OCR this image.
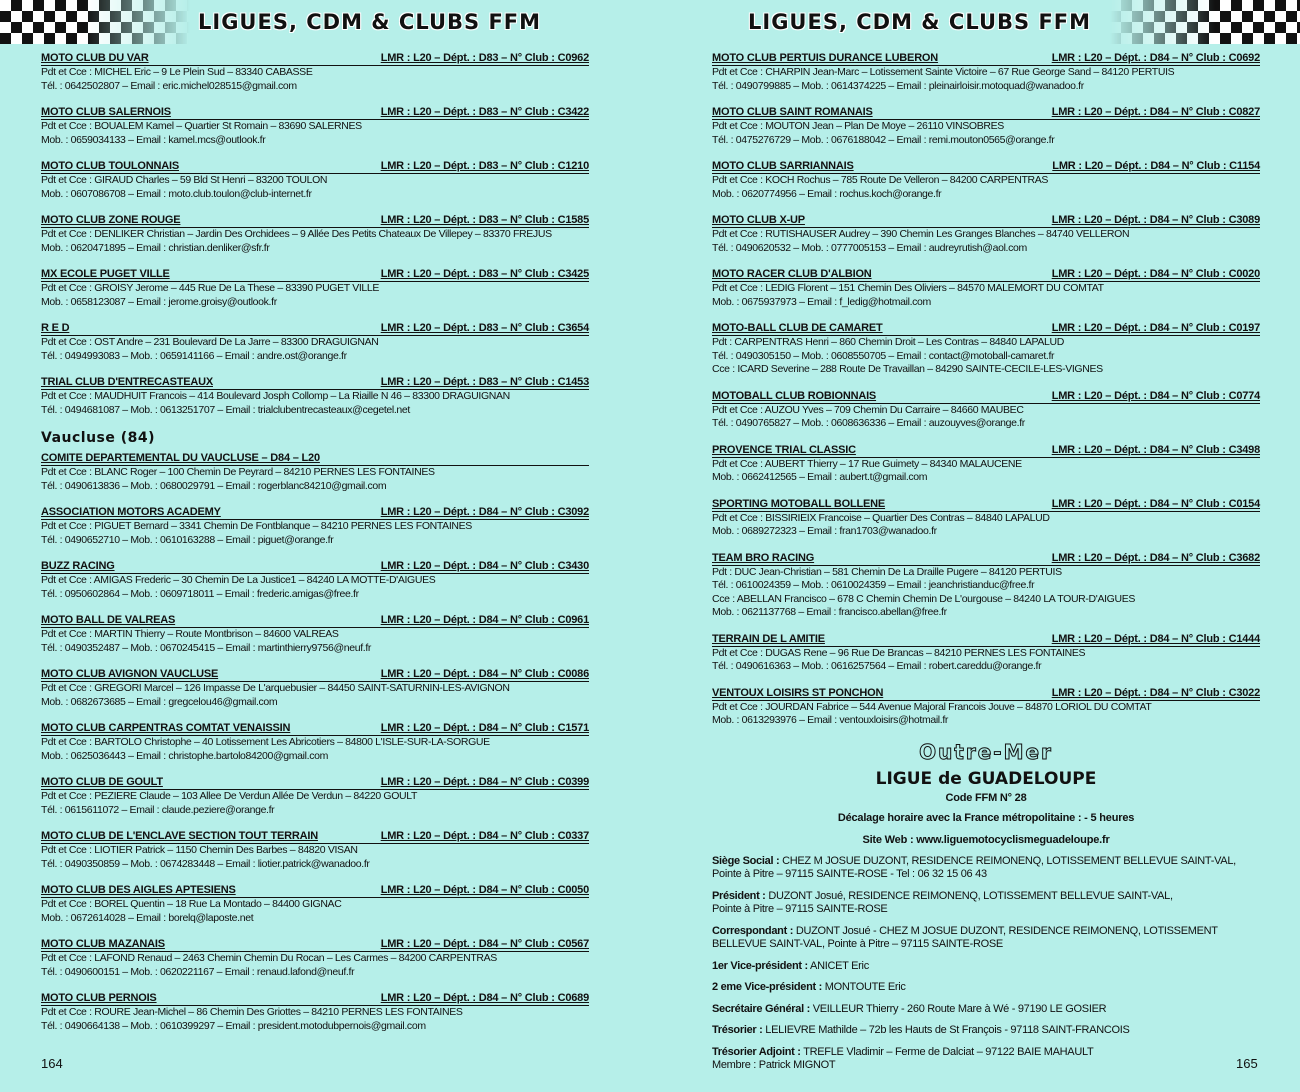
LIGUES, CDM & CLUBS FFM
MOTO CLUB DU VAR	LMR : L20 – Dépt. : D83 – N° Club : C0962
Pdt et Cce : MICHEL Eric – 9 Le Plein Sud – 83340 CABASSE
Tél. : 0642502807 – Email : eric.michel028515@gmail.com
MOTO CLUB SALERNOIS	LMR : L20 – Dépt. : D83 – N° Club : C3422
Pdt et Cce : BOUALEM Kamel – Quartier St Romain – 83690 SALERNES
Mob. : 0659034133 – Email : kamel.mcs@outlook.fr
MOTO CLUB TOULONNAIS	LMR : L20 – Dépt. : D83 – N° Club : C1210
Pdt et Cce : GIRAUD Charles – 59 Bld St Henri – 83200 TOULON
Mob. : 0607086708 – Email : moto.club.toulon@club-internet.fr
MOTO CLUB ZONE ROUGE	LMR : L20 – Dépt. : D83 – N° Club : C1585
Pdt et Cce : DENLIKER Christian – Jardin Des Orchidees – 9 Allée Des Petits Chateaux De Villepey – 83370 FREJUS
Mob. : 0620471895 – Email : christian.denliker@sfr.fr
MX ECOLE PUGET VILLE	LMR : L20 – Dépt. : D83 – N° Club : C3425
Pdt et Cce : GROISY Jerome – 445 Rue De La These – 83390 PUGET VILLE
Mob. : 0658123087 – Email : jerome.groisy@outlook.fr
R E D	LMR : L20 – Dépt. : D83 – N° Club : C3654
Pdt et Cce : OST Andre – 231 Boulevard De La Jarre – 83300 DRAGUIGNAN
Tél. : 0494993083 – Mob. : 0659141166 – Email : andre.ost@orange.fr
TRIAL CLUB D'ENTRECASTEAUX	LMR : L20 – Dépt. : D83 – N° Club : C1453
Pdt et Cce : MAUDHUIT Francois – 414 Boulevard Josph Collomp – La Riaille N 46 – 83300 DRAGUIGNAN
Tél. : 0494681087 – Mob. : 0613251707 – Email : trialclubentrecasteaux@cegetel.net
Vaucluse (84)
COMITE DEPARTEMENTAL DU VAUCLUSE – D84 – L20
Pdt et Cce : BLANC Roger – 100 Chemin De Peyrard – 84210 PERNES LES FONTAINES
Tél. : 0490613836 – Mob. : 0680029791 – Email : rogerblanc84210@gmail.com
ASSOCIATION MOTORS ACADEMY	LMR : L20 – Dépt. : D84 – N° Club : C3092
Pdt et Cce : PIGUET Bernard – 3341 Chemin De Fontblanque – 84210 PERNES LES FONTAINES
Tél. : 0490652710 – Mob. : 0610163288 – Email : piguet@orange.fr
BUZZ RACING	LMR : L20 – Dépt. : D84 – N° Club : C3430
Pdt et Cce : AMIGAS Frederic – 30 Chemin De La Justice1 – 84240 LA MOTTE-D'AIGUES
Tél. : 0950602864 – Mob. : 0609718011 – Email : frederic.amigas@free.fr
MOTO BALL DE VALREAS	LMR : L20 – Dépt. : D84 – N° Club : C0961
Pdt et Cce : MARTIN Thierry – Route Montbrison – 84600 VALREAS
Tél. : 0490352487 – Mob. : 0670245415 – Email : martinthierry9756@neuf.fr
MOTO CLUB AVIGNON VAUCLUSE	LMR : L20 – Dépt. : D84 – N° Club : C0086
Pdt et Cce : GREGORI Marcel – 126 Impasse De L'arquebusier – 84450 SAINT-SATURNIN-LES-AVIGNON
Mob. : 0682673685 – Email : gregcelou46@gmail.com
MOTO CLUB CARPENTRAS COMTAT VENAISSIN	LMR : L20 – Dépt. : D84 – N° Club : C1571
Pdt et Cce : BARTOLO Christophe – 40 Lotissement Les Abricotiers – 84800 L'ISLE-SUR-LA-SORGUE
Mob. : 0625036443 – Email : christophe.bartolo84200@gmail.com
MOTO CLUB DE GOULT	LMR : L20 – Dépt. : D84 – N° Club : C0399
Pdt et Cce : PEZIERE Claude – 103 Allee De Verdun Allée De Verdun – 84220 GOULT
Tél. : 0615611072 – Email : claude.peziere@orange.fr
MOTO CLUB DE L'ENCLAVE SECTION TOUT TERRAIN	LMR : L20 – Dépt. : D84 – N° Club : C0337
Pdt et Cce : LIOTIER Patrick – 1150 Chemin Des Barbes – 84820 VISAN
Tél. : 0490350859 – Mob. : 0674283448 – Email : liotier.patrick@wanadoo.fr
MOTO CLUB DES AIGLES APTESIENS	LMR : L20 – Dépt. : D84 – N° Club : C0050
Pdt et Cce : BOREL Quentin – 18 Rue La Montado – 84400 GIGNAC
Mob. : 0672614028 – Email : borelq@laposte.net
MOTO CLUB MAZANAIS	LMR : L20 – Dépt. : D84 – N° Club : C0567
Pdt et Cce : LAFOND Renaud – 2463 Chemin Chemin Du Rocan – Les Carmes – 84200 CARPENTRAS
Tél. : 0490600151 – Mob. : 0620221167 – Email : renaud.lafond@neuf.fr
MOTO CLUB PERNOIS	LMR : L20 – Dépt. : D84 – N° Club : C0689
Pdt et Cce : ROURE Jean-Michel – 86 Chemin Des Griottes – 84210 PERNES LES FONTAINES
Tél. : 0490664138 – Mob. : 0610399297 – Email : president.motodubpernois@gmail.com
164
LIGUES, CDM & CLUBS FFM
MOTO CLUB PERTUIS DURANCE LUBERON	LMR : L20 – Dépt. : D84 – N° Club : C0692
Pdt et Cce : CHARPIN Jean-Marc – Lotissement Sainte Victoire – 67 Rue George Sand – 84120 PERTUIS
Tél. : 0490799885 – Mob. : 0614374225 – Email : pleinairloisir.motoquad@wanadoo.fr
MOTO CLUB SAINT ROMANAIS	LMR : L20 – Dépt. : D84 – N° Club : C0827
Pdt et Cce : MOUTON Jean – Plan De Moye – 26110 VINSOBRES
Tél. : 0475276729 – Mob. : 0676188042 – Email : remi.mouton0565@orange.fr
MOTO CLUB SARRIANNAIS	LMR : L20 – Dépt. : D84 – N° Club : C1154
Pdt et Cce : KOCH Rochus – 785 Route De Velleron – 84200 CARPENTRAS
Mob. : 0620774956 – Email : rochus.koch@orange.fr
MOTO CLUB X-UP	LMR : L20 – Dépt. : D84 – N° Club : C3089
Pdt et Cce : RUTISHAUSER Audrey – 390 Chemin Les Granges Blanches – 84740 VELLERON
Tél. : 0490620532 – Mob. : 0777005153 – Email : audreyrutish@aol.com
MOTO RACER CLUB D'ALBION	LMR : L20 – Dépt. : D84 – N° Club : C0020
Pdt et Cce : LEDIG Florent – 151 Chemin Des Oliviers – 84570 MALEMORT DU COMTAT
Mob. : 0675937973 – Email : f_ledig@hotmail.com
MOTO-BALL CLUB DE CAMARET	LMR : L20 – Dépt. : D84 – N° Club : C0197
Pdt : CARPENTRAS Henri – 860 Chemin Droit – Les Contras – 84840 LAPALUD
Tél. : 0490305150 – Mob. : 0608550705 – Email : contact@motoball-camaret.fr
Cce : ICARD Severine – 288 Route De Travaillan – 84290 SAINTE-CECILE-LES-VIGNES
MOTOBALL CLUB ROBIONNAIS	LMR : L20 – Dépt. : D84 – N° Club : C0774
Pdt et Cce : AUZOU Yves – 709 Chemin Du Carraire – 84660 MAUBEC
Tél. : 0490765827 – Mob. : 0608636336 – Email : auzouyves@orange.fr
PROVENCE TRIAL CLASSIC	LMR : L20 – Dépt. : D84 – N° Club : C3498
Pdt et Cce : AUBERT Thierry – 17 Rue Guimety – 84340 MALAUCENE
Mob. : 0662412565 – Email : aubert.t@gmail.com
SPORTING MOTOBALL BOLLENE	LMR : L20 – Dépt. : D84 – N° Club : C0154
Pdt et Cce : BISSIRIEIX Francoise – Quartier Des Contras – 84840 LAPALUD
Mob. : 0689272323 – Email : fran1703@wanadoo.fr
TEAM BRO RACING	LMR : L20 – Dépt. : D84 – N° Club : C3682
Pdt : DUC Jean-Christian – 581 Chemin De La Draille Pugere – 84120 PERTUIS
Tél. : 0610024359 – Mob. : 0610024359 – Email : jeanchristianduc@free.fr
Cce : ABELLAN Francisco – 678 C Chemin Chemin De L'ourgouse – 84240 LA TOUR-D'AIGUES
Mob. : 0621137768 – Email : francisco.abellan@free.fr
TERRAIN DE L AMITIE	LMR : L20 – Dépt. : D84 – N° Club : C1444
Pdt et Cce : DUGAS Rene – 96 Rue De Brancas – 84210 PERNES LES FONTAINES
Tél. : 0490616363 – Mob. : 0616257564 – Email : robert.careddu@orange.fr
VENTOUX LOISIRS ST PONCHON	LMR : L20 – Dépt. : D84 – N° Club : C3022
Pdt et Cce : JOURDAN Fabrice – 544 Avenue Majoral Francois Jouve – 84870 LORIOL DU COMTAT
Mob. : 0613293976 – Email : ventouxloisirs@hotmail.fr
Outre-Mer
LIGUE de GUADELOUPE
Code FFM N° 28
Décalage horaire avec la France métropolitaine : - 5 heures
Site Web : www.liguemotocyclismeguadeloupe.fr
Siège Social : CHEZ M JOSUE DUZONT, RESIDENCE REIMONENQ, LOTISSEMENT BELLEVUE SAINT-VAL,
Pointe à Pitre – 97115 SAINTE-ROSE - Tel : 06 32 15 06 43
Président : DUZONT Josué, RESIDENCE REIMONENQ, LOTISSEMENT BELLEVUE SAINT-VAL,
Pointe à Pitre – 97115 SAINTE-ROSE
Correspondant : DUZONT Josué - CHEZ M JOSUE DUZONT, RESIDENCE REIMONENQ, LOTISSEMENT
BELLEVUE SAINT-VAL, Pointe à Pitre – 97115 SAINTE-ROSE
1er Vice-président : ANICET Eric
2 eme Vice-président : MONTOUTE Eric
Secrétaire Général : VEILLEUR Thierry - 260 Route Mare à Wé - 97190 LE GOSIER
Trésorier : LELIEVRE Mathilde – 72b les Hauts de St François - 97118 SAINT-FRANCOIS
Trésorier Adjoint : TREFLE Vladimir – Ferme de Dalciat – 97122 BAIE MAHAULT
Membre : Patrick MIGNOT	165
